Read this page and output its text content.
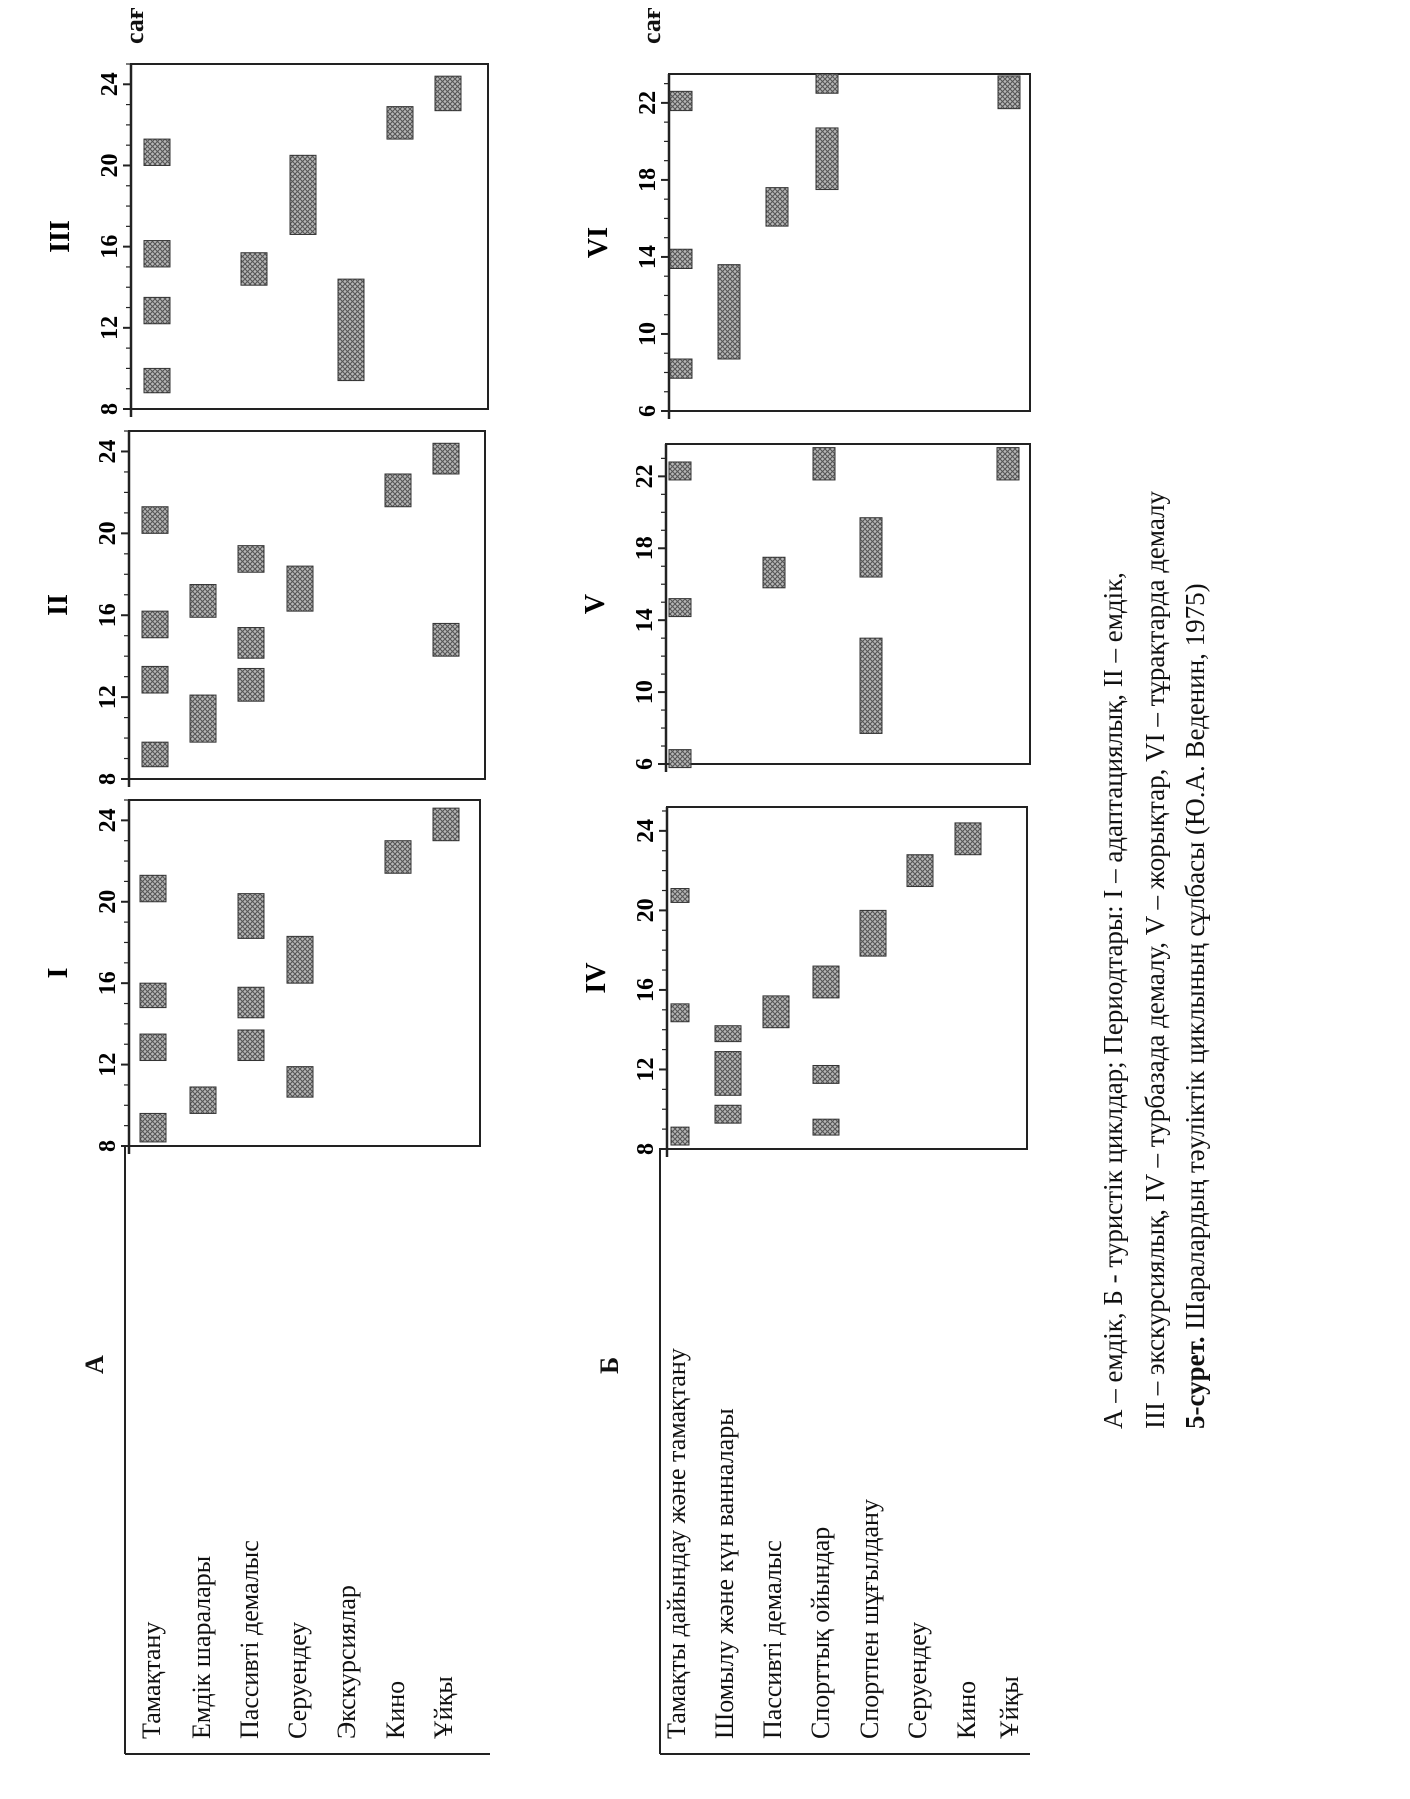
А
Тамақтану Емдік шаралары Пассивті демалыс Серуендеу Экскурсиялар Кино Ұйқы
Б Тамақты дайындау және тамақтану Шомылу және күн ванналары Пассивті демалыс Спорттық ойындар Спортпен шұғылдану Серуендеу Кино Ұйқы
8
12
16
20
24
I
8
12
16
20
24
II
8
12
16
20
24
III
8
12
16
20
24
IV
6
10
14
18
22
V
6
10
14
18
22
VI
сағ	сағ
А – емдік, Б - туристік циклдар; Периодтары: I – адаптациялық, II – емдік, III – экскурсиялық, IV – турбазада демалу, V – жорықтар, VI – тұрақтарда демалу 5-сурет. Шаралардың тәуліктік циклының сұлбасы (Ю.А. Веденин, 1975)
